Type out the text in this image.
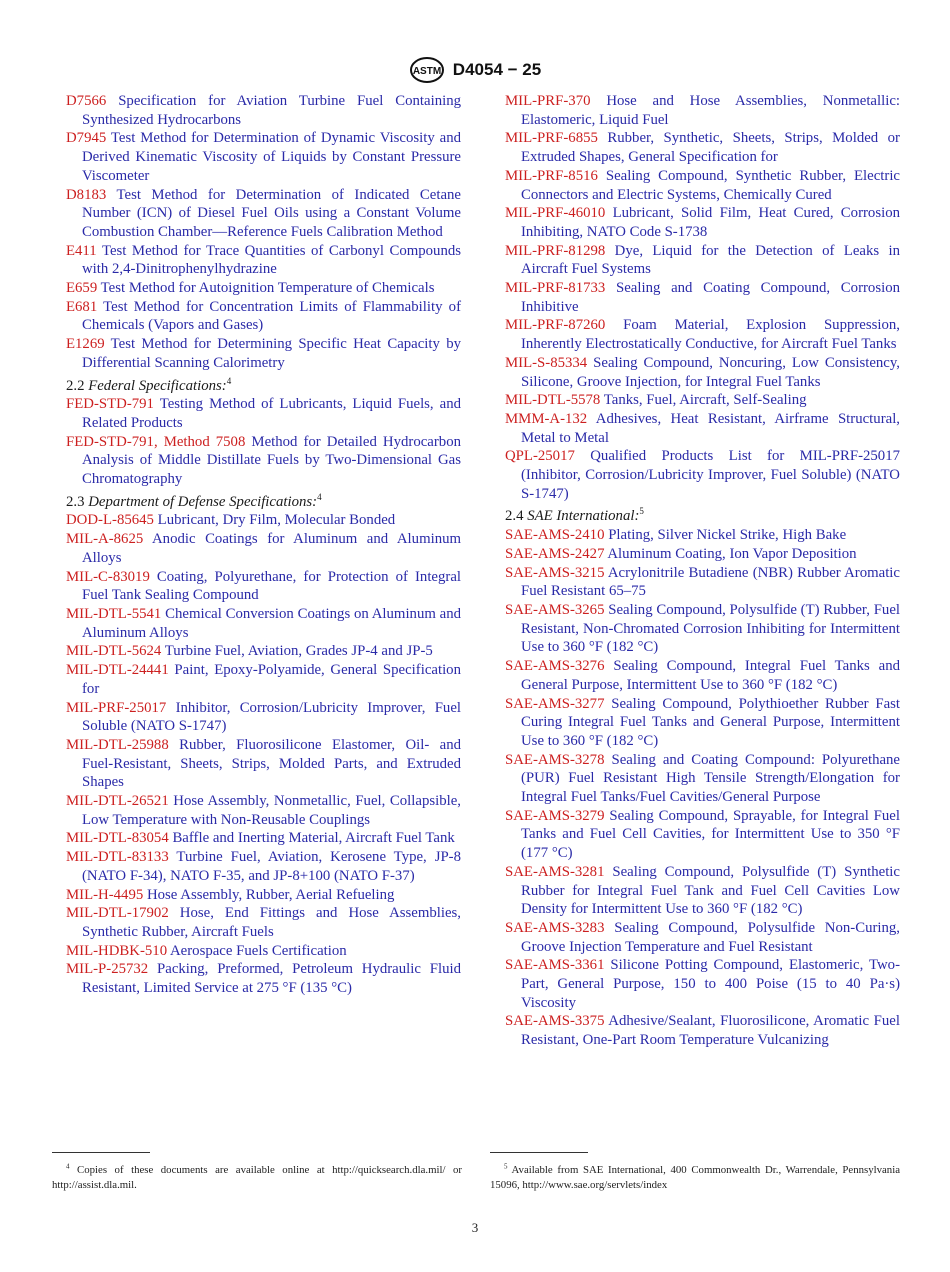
ASTM D4054 − 25
D7566 Specification for Aviation Turbine Fuel Containing Synthesized Hydrocarbons
D7945 Test Method for Determination of Dynamic Viscosity and Derived Kinematic Viscosity of Liquids by Constant Pressure Viscometer
D8183 Test Method for Determination of Indicated Cetane Number (ICN) of Diesel Fuel Oils using a Constant Volume Combustion Chamber—Reference Fuels Calibration Method
E411 Test Method for Trace Quantities of Carbonyl Compounds with 2,4-Dinitrophenylhydrazine
E659 Test Method for Autoignition Temperature of Chemicals
E681 Test Method for Concentration Limits of Flammability of Chemicals (Vapors and Gases)
E1269 Test Method for Determining Specific Heat Capacity by Differential Scanning Calorimetry
2.2 Federal Specifications:$^4$
FED-STD-791 Testing Method of Lubricants, Liquid Fuels, and Related Products
FED-STD-791, Method 7508 Method for Detailed Hydrocarbon Analysis of Middle Distillate Fuels by Two-Dimensional Gas Chromatography
2.3 Department of Defense Specifications:$^4$
DOD-L-85645 Lubricant, Dry Film, Molecular Bonded
MIL-A-8625 Anodic Coatings for Aluminum and Aluminum Alloys
MIL-C-83019 Coating, Polyurethane, for Protection of Integral Fuel Tank Sealing Compound
MIL-DTL-5541 Chemical Conversion Coatings on Aluminum and Aluminum Alloys
MIL-DTL-5624 Turbine Fuel, Aviation, Grades JP-4 and JP-5
MIL-DTL-24441 Paint, Epoxy-Polyamide, General Specification for
MIL-PRF-25017 Inhibitor, Corrosion/Lubricity Improver, Fuel Soluble (NATO S-1747)
MIL-DTL-25988 Rubber, Fluorosilicone Elastomer, Oil- and Fuel-Resistant, Sheets, Strips, Molded Parts, and Extruded Shapes
MIL-DTL-26521 Hose Assembly, Nonmetallic, Fuel, Collapsible, Low Temperature with Non-Reusable Couplings
MIL-DTL-83054 Baffle and Inerting Material, Aircraft Fuel Tank
MIL-DTL-83133 Turbine Fuel, Aviation, Kerosene Type, JP-8 (NATO F-34), NATO F-35, and JP-8+100 (NATO F-37)
MIL-H-4495 Hose Assembly, Rubber, Aerial Refueling
MIL-DTL-17902 Hose, End Fittings and Hose Assemblies, Synthetic Rubber, Aircraft Fuels
MIL-HDBK-510 Aerospace Fuels Certification
MIL-P-25732 Packing, Preformed, Petroleum Hydraulic Fluid Resistant, Limited Service at 275 °F (135 °C)
MIL-PRF-370 Hose and Hose Assemblies, Nonmetallic: Elastomeric, Liquid Fuel
MIL-PRF-6855 Rubber, Synthetic, Sheets, Strips, Molded or Extruded Shapes, General Specification for
MIL-PRF-8516 Sealing Compound, Synthetic Rubber, Electric Connectors and Electric Systems, Chemically Cured
MIL-PRF-46010 Lubricant, Solid Film, Heat Cured, Corrosion Inhibiting, NATO Code S-1738
MIL-PRF-81298 Dye, Liquid for the Detection of Leaks in Aircraft Fuel Systems
MIL-PRF-81733 Sealing and Coating Compound, Corrosion Inhibitive
MIL-PRF-87260 Foam Material, Explosion Suppression, Inherently Electrostatically Conductive, for Aircraft Fuel Tanks
MIL-S-85334 Sealing Compound, Noncuring, Low Consistency, Silicone, Groove Injection, for Integral Fuel Tanks
MIL-DTL-5578 Tanks, Fuel, Aircraft, Self-Sealing
MMM-A-132 Adhesives, Heat Resistant, Airframe Structural, Metal to Metal
QPL-25017 Qualified Products List for MIL-PRF-25017 (Inhibitor, Corrosion/Lubricity Improver, Fuel Soluble) (NATO S-1747)
2.4 SAE International:$^5$
SAE-AMS-2410 Plating, Silver Nickel Strike, High Bake
SAE-AMS-2427 Aluminum Coating, Ion Vapor Deposition
SAE-AMS-3215 Acrylonitrile Butadiene (NBR) Rubber Aromatic Fuel Resistant 65–75
SAE-AMS-3265 Sealing Compound, Polysulfide (T) Rubber, Fuel Resistant, Non-Chromated Corrosion Inhibiting for Intermittent Use to 360 °F (182 °C)
SAE-AMS-3276 Sealing Compound, Integral Fuel Tanks and General Purpose, Intermittent Use to 360 °F (182 °C)
SAE-AMS-3277 Sealing Compound, Polythioether Rubber Fast Curing Integral Fuel Tanks and General Purpose, Intermittent Use to 360 °F (182 °C)
SAE-AMS-3278 Sealing and Coating Compound: Polyurethane (PUR) Fuel Resistant High Tensile Strength/Elongation for Integral Fuel Tanks/Fuel Cavities/General Purpose
SAE-AMS-3279 Sealing Compound, Sprayable, for Integral Fuel Tanks and Fuel Cell Cavities, for Intermittent Use to 350 °F (177 °C)
SAE-AMS-3281 Sealing Compound, Polysulfide (T) Synthetic Rubber for Integral Fuel Tank and Fuel Cell Cavities Low Density for Intermittent Use to 360 °F (182 °C)
SAE-AMS-3283 Sealing Compound, Polysulfide Non-Curing, Groove Injection Temperature and Fuel Resistant
SAE-AMS-3361 Silicone Potting Compound, Elastomeric, Two-Part, General Purpose, 150 to 400 Poise (15 to 40 Pa·s) Viscosity
SAE-AMS-3375 Adhesive/Sealant, Fluorosilicone, Aromatic Fuel Resistant, One-Part Room Temperature Vulcanizing
$^4$ Copies of these documents are available online at http://quicksearch.dla.mil/ or http://assist.dla.mil.
$^5$ Available from SAE International, 400 Commonwealth Dr., Warrendale, Pennsylvania 15096, http://www.sae.org/servlets/index
3
